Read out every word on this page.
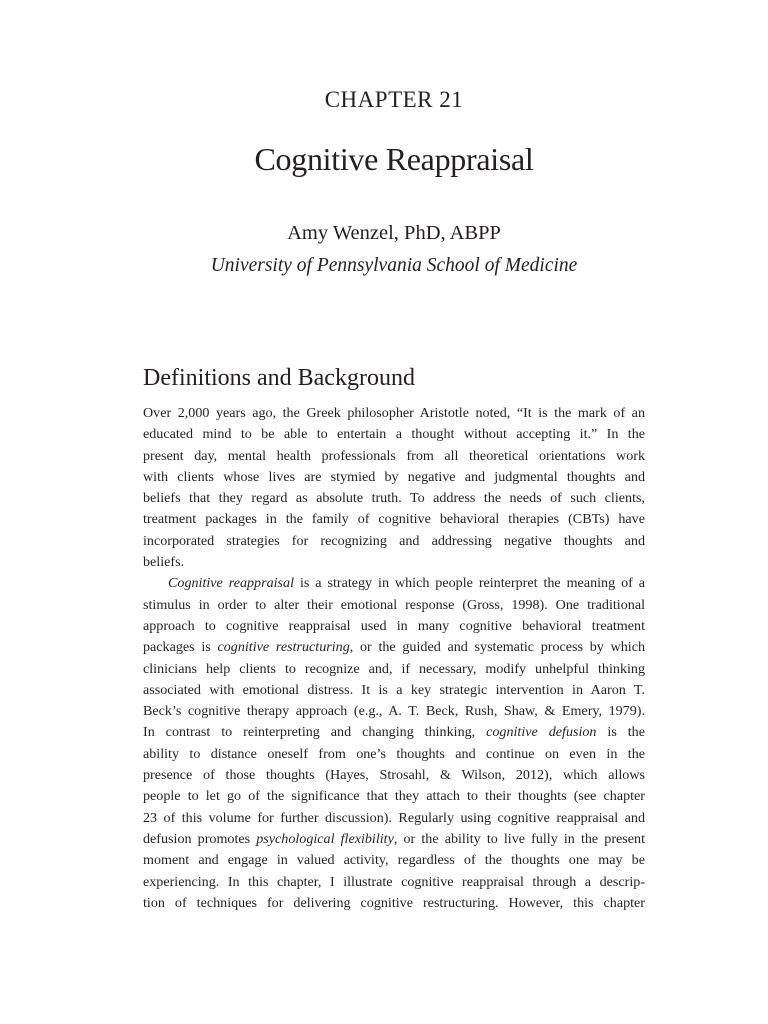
CHAPTER 21
Cognitive Reappraisal
Amy Wenzel, PhD, ABPP
University of Pennsylvania School of Medicine
Definitions and Background
Over 2,000 years ago, the Greek philosopher Aristotle noted, “It is the mark of an
educated mind to be able to entertain a thought without accepting it.” In the
present day, mental health professionals from all theoretical orientations work
with clients whose lives are stymied by negative and judgmental thoughts and
beliefs that they regard as absolute truth. To address the needs of such clients,
treatment packages in the family of cognitive behavioral therapies (CBTs) have
incorporated strategies for recognizing and addressing negative thoughts and
beliefs.
Cognitive reappraisal is a strategy in which people reinterpret the meaning of a
stimulus in order to alter their emotional response (Gross, 1998). One traditional
approach to cognitive reappraisal used in many cognitive behavioral treatment
packages is cognitive restructuring, or the guided and systematic process by which
clinicians help clients to recognize and, if necessary, modify unhelpful thinking
associated with emotional distress. It is a key strategic intervention in Aaron T.
Beck’s cognitive therapy approach (e.g., A. T. Beck, Rush, Shaw, & Emery, 1979).
In contrast to reinterpreting and changing thinking, cognitive defusion is the
ability to distance oneself from one’s thoughts and continue on even in the
presence of those thoughts (Hayes, Strosahl, & Wilson, 2012), which allows
people to let go of the significance that they attach to their thoughts (see chapter
23 of this volume for further discussion). Regularly using cognitive reappraisal and
defusion promotes psychological flexibility, or the ability to live fully in the present
moment and engage in valued activity, regardless of the thoughts one may be
experiencing. In this chapter, I illustrate cognitive reappraisal through a descrip-
tion of techniques for delivering cognitive restructuring. However, this chapter
